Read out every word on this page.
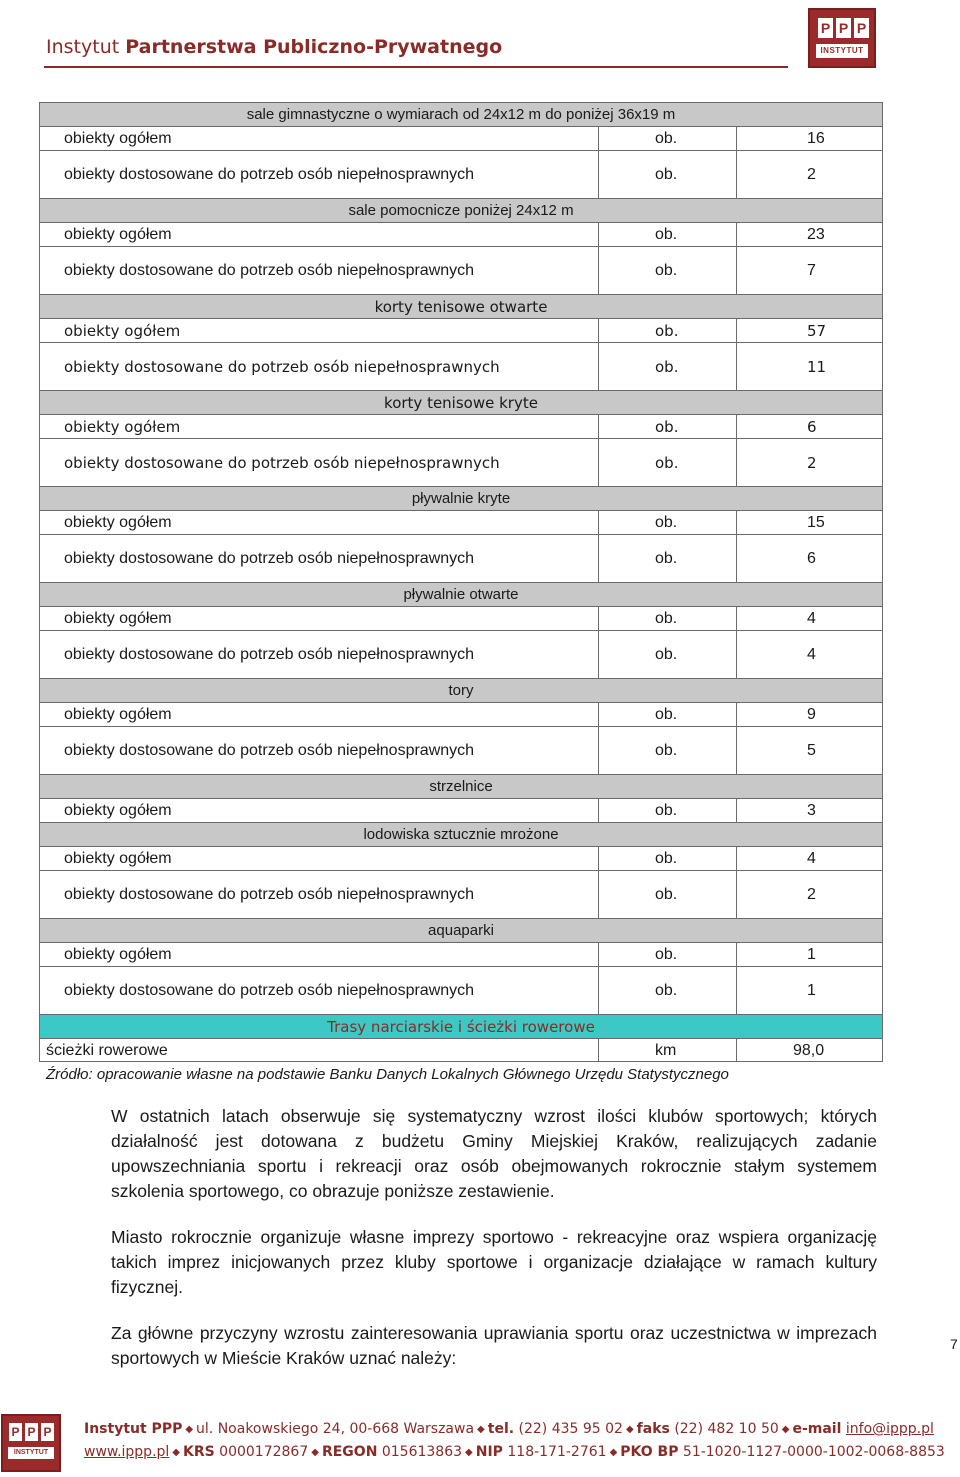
Instytut Partnerstwa Publiczno-Prywatnego
P P P
INSTYTUT
sale gimnastyczne o wymiarach od 24x12 m do poniżej 36x19 m
obiekty ogółem	ob.	16
obiekty dostosowane do potrzeb osób niepełnosprawnych	ob.	2
sale pomocnicze poniżej 24x12 m
obiekty ogółem	ob.	23
obiekty dostosowane do potrzeb osób niepełnosprawnych	ob.	7
korty tenisowe otwarte
obiekty ogółem	ob.	57
obiekty dostosowane do potrzeb osób niepełnosprawnych	ob.	11
korty tenisowe kryte
obiekty ogółem	ob.	6
obiekty dostosowane do potrzeb osób niepełnosprawnych	ob.	2
pływalnie kryte
obiekty ogółem	ob.	15
obiekty dostosowane do potrzeb osób niepełnosprawnych	ob.	6
pływalnie otwarte
obiekty ogółem	ob.	4
obiekty dostosowane do potrzeb osób niepełnosprawnych	ob.	4
tory
obiekty ogółem	ob.	9
obiekty dostosowane do potrzeb osób niepełnosprawnych	ob.	5
strzelnice
obiekty ogółem	ob.	3
lodowiska sztucznie mrożone
obiekty ogółem	ob.	4
obiekty dostosowane do potrzeb osób niepełnosprawnych	ob.	2
aquaparki
obiekty ogółem	ob.	1
obiekty dostosowane do potrzeb osób niepełnosprawnych	ob.	1
Trasy narciarskie i ścieżki rowerowe
ścieżki rowerowe	km	98,0
Źródło: opracowanie własne na podstawie Banku Danych Lokalnych Głównego Urzędu Statystycznego

W ostatnich latach obserwuje się systematyczny wzrost ilości klubów sportowych; których działalność jest dotowana z budżetu Gminy Miejskiej Kraków, realizujących zadanie upowszechniania sportu i rekreacji oraz osób obejmowanych rokrocznie stałym systemem szkolenia sportowego, co obrazuje poniższe zestawienie.

Miasto rokrocznie organizuje własne imprezy sportowo - rekreacyjne oraz wspiera organizację takich imprez inicjowanych przez kluby sportowe i organizacje działające w ramach kultury fizycznej.

Za główne przyczyny wzrostu zainteresowania uprawiania sportu oraz uczestnictwa w imprezach sportowych w Mieście Kraków uznać należy:

7
P P P
INSTYTUT
Instytut PPP ◆ ul. Noakowskiego 24, 00-668 Warszawa ◆ tel. (22) 435 95 02 ◆ faks (22) 482 10 50 ◆ e-mail info@ippp.pl
www.ippp.pl ◆ KRS 0000172867 ◆ REGON 015613863 ◆ NIP 118-171-2761 ◆ PKO BP 51-1020-1127-0000-1002-0068-8853
